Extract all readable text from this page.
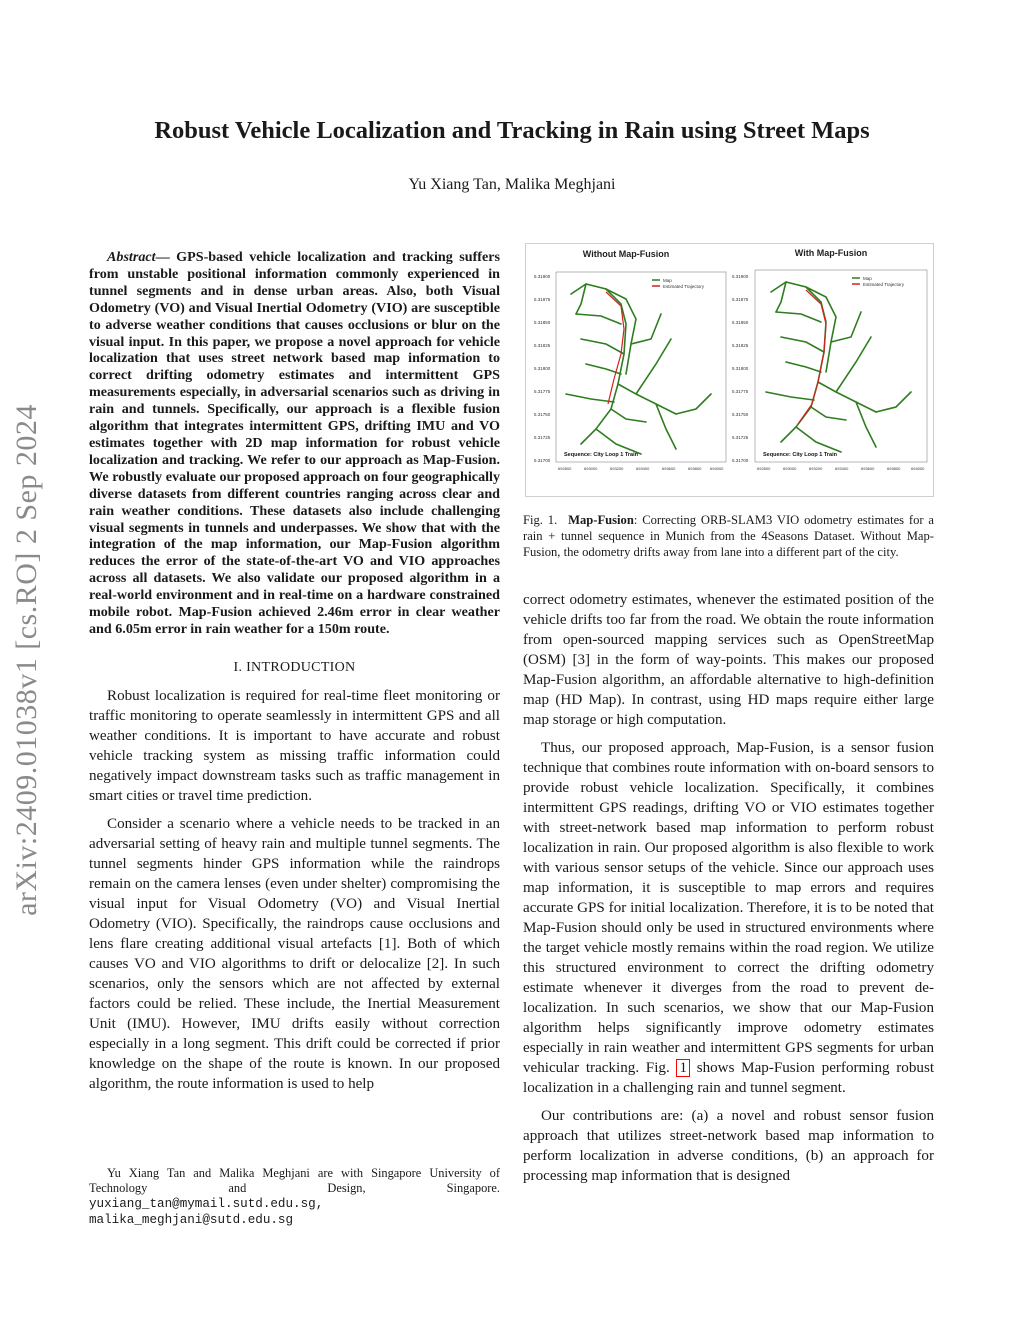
Robust Vehicle Localization and Tracking in Rain using Street Maps
Yu Xiang Tan, Malika Meghjani
arXiv:2409.01038v1 [cs.RO] 2 Sep 2024

Abstract— GPS-based vehicle localization and tracking suffers from unstable positional information commonly experienced in tunnel segments and in dense urban areas. Also, both Visual Odometry (VO) and Visual Inertial Odometry (VIO) are susceptible to adverse weather conditions that causes occlusions or blur on the visual input. In this paper, we propose a novel approach for vehicle localization that uses street network based map information to correct drifting odometry estimates and intermittent GPS measurements especially, in adversarial scenarios such as driving in rain and tunnels. Specifically, our approach is a flexible fusion algorithm that integrates intermittent GPS, drifting IMU and VO estimates together with 2D map information for robust vehicle localization and tracking. We refer to our approach as Map-Fusion. We robustly evaluate our proposed approach on four geographically diverse datasets from different countries ranging across clear and rain weather conditions. These datasets also include challenging visual segments in tunnels and underpasses. We show that with the integration of the map information, our Map-Fusion algorithm reduces the error of the state-of-the-art VO and VIO approaches across all datasets. We also validate our proposed algorithm in a real-world environment and in real-time on a hardware constrained mobile robot. Map-Fusion achieved 2.46m error in clear weather and 6.05m error in rain weather for a 150m route.

I. INTRODUCTION

Robust localization is required for real-time fleet monitoring or traffic monitoring to operate seamlessly in intermittent GPS and all weather conditions. It is important to have accurate and robust vehicle tracking system as missing traffic information could negatively impact downstream tasks such as traffic management in smart cities or travel time prediction.

Consider a scenario where a vehicle needs to be tracked in an adversarial setting of heavy rain and multiple tunnel segments. The tunnel segments hinder GPS information while the raindrops remain on the camera lenses (even under shelter) compromising the visual input for Visual Odometry (VO) and Visual Inertial Odometry (VIO). Specifically, the raindrops cause occlusions and lens flare creating additional visual artefacts [1]. Both of which causes VO and VIO algorithms to drift or delocalize [2]. In such scenarios, only the sensors which are not affected by external factors could be relied. These include, the Inertial Measurement Unit (IMU). However, IMU drifts easily without correction especially in a long segment. This drift could be corrected if prior knowledge on the shape of the route is known. In our proposed algorithm, the route information is used to help

Yu Xiang Tan and Malika Meghjani are with Singapore University of Technology and Design, Singapore. yuxiang_tan@mymail.sutd.edu.sg, malika_meghjani@sutd.edu.sg
Without Map-Fusion
5.31900
5.31875
5.31850
5.31825
5.31800
5.31775
5.31750
5.31725
5.31700
692800	693000	693200	693400	693600	693800 694000
Map
Estimated Trajectory
Sequence: City Loop 1 Train
With Map-Fusion
5.31900
5.31875
5.31850
5.31825
5.31800
5.31775
5.31750
5.31725
5.31700
692800	693000	693200	693400	693600	693800	694000
Map
Estimated Trajectory
Sequence: City Loop 1 Train
Fig. 1. Map-Fusion: Correcting ORB-SLAM3 VIO odometry estimates for a rain + tunnel sequence in Munich from the 4Seasons Dataset. Without Map-Fusion, the odometry drifts away from lane into a different part of the city.

correct odometry estimates, whenever the estimated position of the vehicle drifts too far from the road. We obtain the route information from open-sourced mapping services such as OpenStreetMap (OSM) [3] in the form of way-points. This makes our proposed Map-Fusion algorithm, an affordable alternative to high-definition map (HD Map). In contrast, using HD maps require either large map storage or high computation.

Thus, our proposed approach, Map-Fusion, is a sensor fusion technique that combines route information with on-board sensors to provide robust vehicle localization. Specifically, it combines intermittent GPS readings, drifting VO or VIO estimates together with street-network based map information to perform robust localization in rain. Our proposed algorithm is also flexible to work with various sensor setups of the vehicle. Since our approach uses map information, it is susceptible to map errors and requires accurate GPS for initial localization. Therefore, it is to be noted that Map-Fusion should only be used in structured environments where the target vehicle mostly remains within the road region. We utilize this structured environment to correct the drifting odometry estimate whenever it diverges from the road to prevent de-localization. In such scenarios, we show that our Map-Fusion algorithm helps significantly improve odometry estimates especially in rain weather and intermittent GPS segments for urban vehicular tracking. Fig. 1 shows Map-Fusion performing robust localization in a challenging rain and tunnel segment.

Our contributions are: (a) a novel and robust sensor fusion approach that utilizes street-network based map information to perform localization in adverse conditions, (b) an approach for processing map information that is designed
